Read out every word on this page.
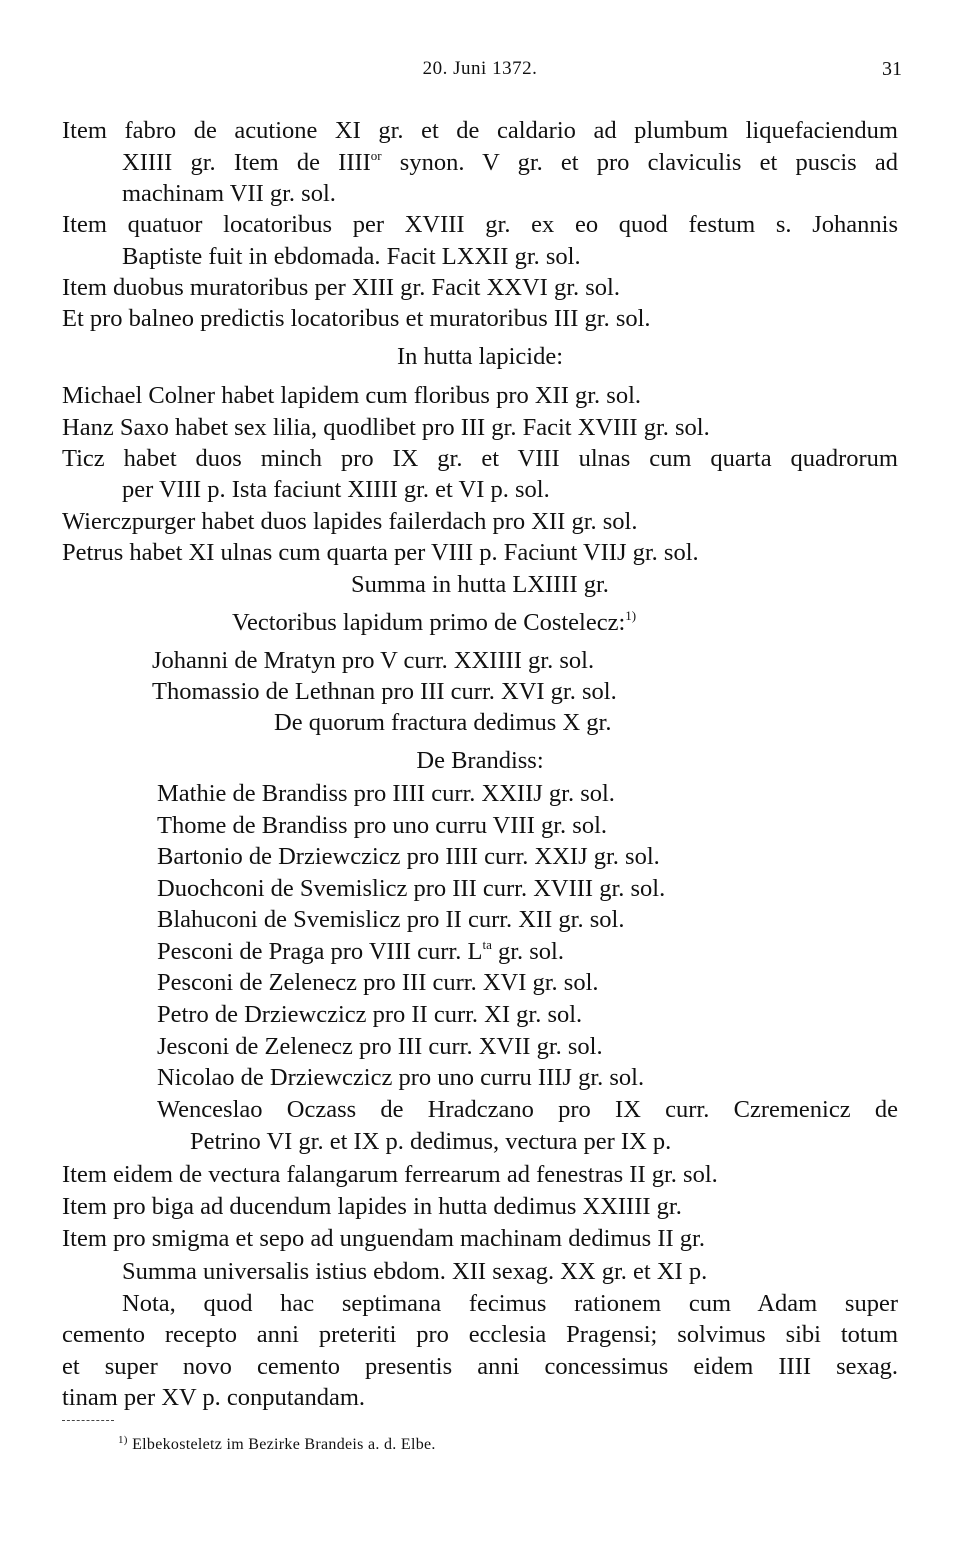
20. Juni 1372.	31
Item fabro de acutione XI gr. et de caldario ad plumbum liquefaciendum
XIIII gr. Item de $IIII^{or}$ synon. V gr. et pro claviculis et puscis ad
machinam VII gr. sol.
Item quatuor locatoribus per XVIII gr. ex eo quod festum s. Johannis
Baptiste fuit in ebdomada. Facit LXXII gr. sol.
Item duobus muratoribus per XIII gr. Facit XXVI gr. sol.
Et pro balneo predictis locatoribus et muratoribus III gr. sol.
In hutta lapicide:
Michael Colner habet lapidem cum floribus pro XII gr. sol.
Hanz Saxo habet sex lilia, quodlibet pro III gr. Facit XVIII gr. sol.
Ticz habet duos minch pro IX gr. et VIII ulnas cum quarta quadrorum
per VIII p. Ista faciunt XIIII gr. et VI p. sol.
Wierczpurger habet duos lapides failerdach pro XII gr. sol.
Petrus habet XI ulnas cum quarta per VIII p. Faciunt VIIJ gr. sol.
Summa in hutta LXIIII gr.
Vectoribus lapidum primo de Costelecz:$^{1)}$
Johanni de Mratyn pro V curr. XXIIII gr. sol.
Thomassio de Lethnan pro III curr. XVI gr. sol.
De quorum fractura dedimus X gr.
De Brandiss:
Mathie de Brandiss pro IIII curr. XXIIJ gr. sol.
Thome de Brandiss pro uno curru VIII gr. sol.
Bartonio de Drziewczicz pro IIII curr. XXIJ gr. sol.
Duochconi de Svemislicz pro III curr. XVIII gr. sol.
Blahuconi de Svemislicz pro II curr. XII gr. sol.
Pesconi de Praga pro VIII curr. $L^{ta}$ gr. sol.
Pesconi de Zelenecz pro III curr. XVI gr. sol.
Petro de Drziewczicz pro II curr. XI gr. sol.
Jesconi de Zelenecz pro III curr. XVII gr. sol.
Nicolao de Drziewczicz pro uno curru IIIJ gr. sol.
Wenceslao Oczass de Hradczano pro IX curr. Czremenicz de
Petrino VI gr. et IX p. dedimus, vectura per IX p.
Item eidem de vectura falangarum ferrearum ad fenestras II gr. sol.
Item pro biga ad ducendum lapides in hutta dedimus XXIIII gr.
Item pro smigma et sepo ad unguendam machinam dedimus II gr.
Summa universalis istius ebdom. XII sexag. XX gr. et XI p.
Nota, quod hac septimana fecimus rationem cum Adam super
cemento recepto anni preteriti pro ecclesia Pragensi; solvimus sibi totum
et super novo cemento presentis anni concessimus eidem IIII sexag.
tinam per XV p. conputandam.
$^{1)}$ Elbekosteletz im Bezirke Brandeis a. d. Elbe.
